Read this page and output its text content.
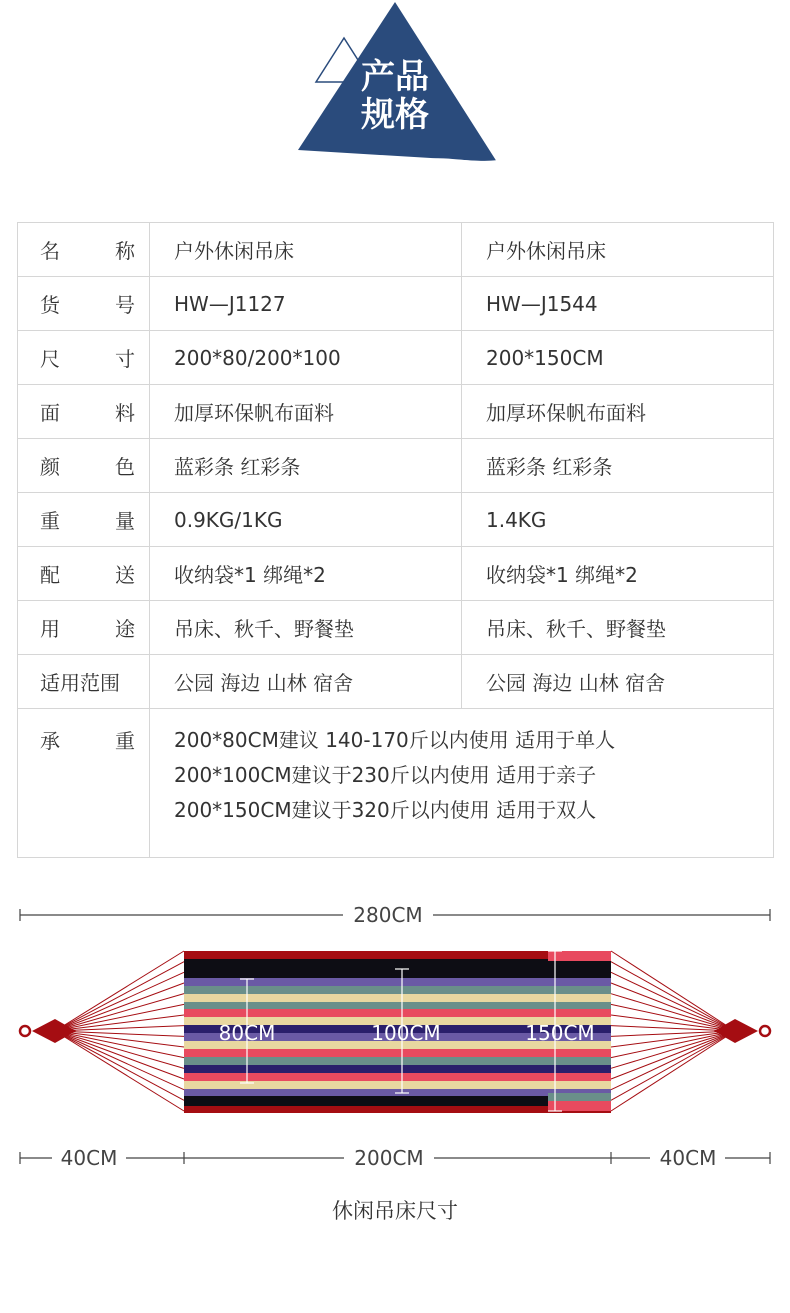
产品
规格
名 称	户外休闲吊床	户外休闲吊床

货 号	HW—J1127	HW—J1544

尺 寸	200*80/200*100	200*150CM

面 料	加厚环保帆布面料	加厚环保帆布面料

颜 色	蓝彩条 红彩条	蓝彩条 红彩条

重 量	0.9KG/1KG	1.4KG

配 送	收纳袋*1 绑绳*2	收纳袋*1 绑绳*2

用 途	吊床、秋千、野餐垫	吊床、秋千、野餐垫

适用范围	公园 海边 山林 宿舍	公园 海边 山林 宿舍

承 重	200*80CM建议 140-170斤以内使用 适用于单人
200*100CM建议于230斤以内使用 适用于亲子
200*150CM建议于320斤以内使用 适用于双人	
280CM
80CM	100CM	150CM
40CM	200CM	40CM
休闲吊床尺寸
